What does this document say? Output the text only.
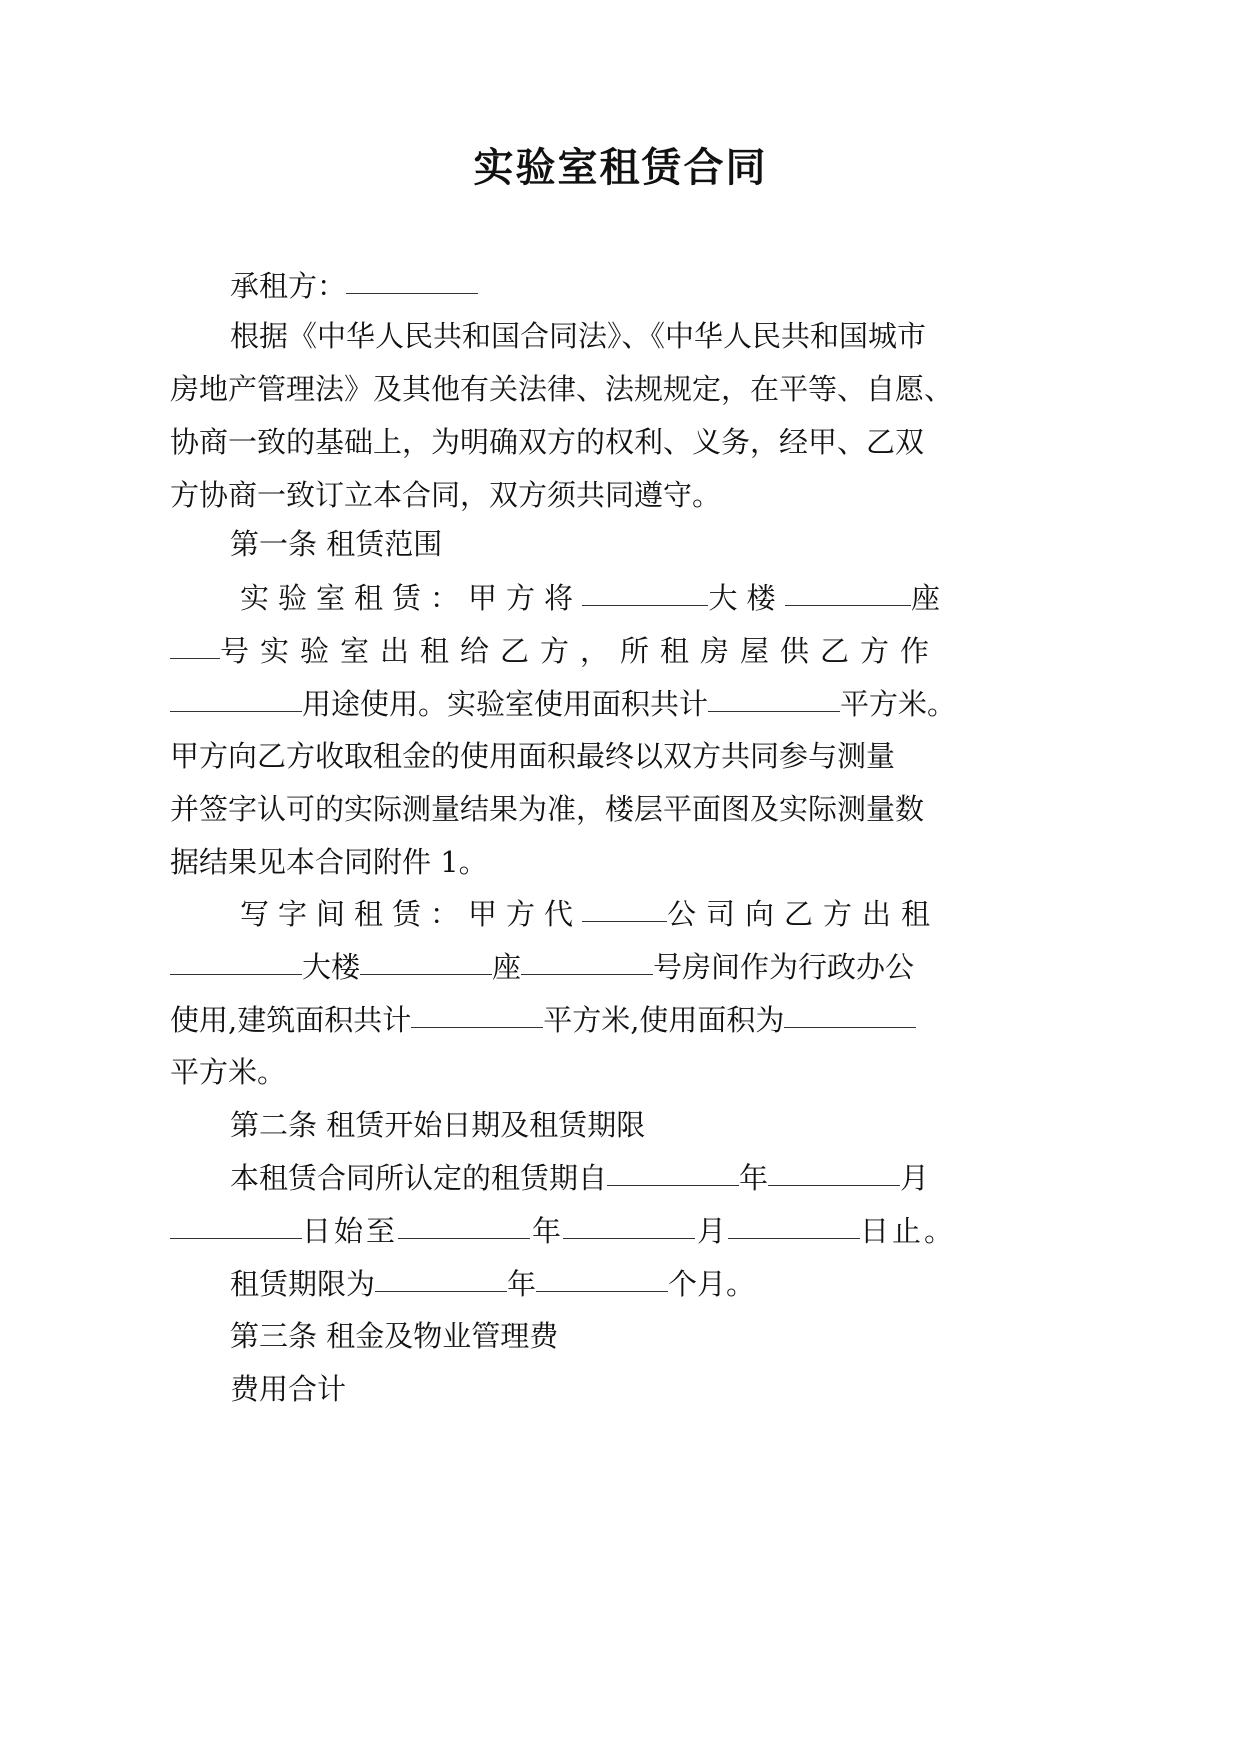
实验室租赁合同
承租方：
根据《中华人民共和国合同法》、《中华人民共和国城市
房地产管理法》及其他有关法律、法规规定，在平等、自愿、
协商一致的基础上，为明确双方的权利、义务，经甲、乙双
方协商一致订立本合同，双方须共同遵守。
第一条 租赁范围
实验室租赁：甲方将	大楼	座
号实验室出租给乙方，所租房屋供乙方作
用途使用。实验室使用面积共计	平方米。
甲方向乙方收取租金的使用面积最终以双方共同参与测量
并签字认可的实际测量结果为准，楼层平面图及实际测量数
据结果见本合同附件 1。
写字间租赁：甲方代	公司向乙方出租
大楼	座	号房间作为行政办公
使用,建筑面积共计	平方米,使用面积为
平方米。
第二条 租赁开始日期及租赁期限
本租赁合同所认定的租赁期自	年	月
日始至	年	月	日止。
租赁期限为	年	个月。
第三条 租金及物业管理费
费用合计
